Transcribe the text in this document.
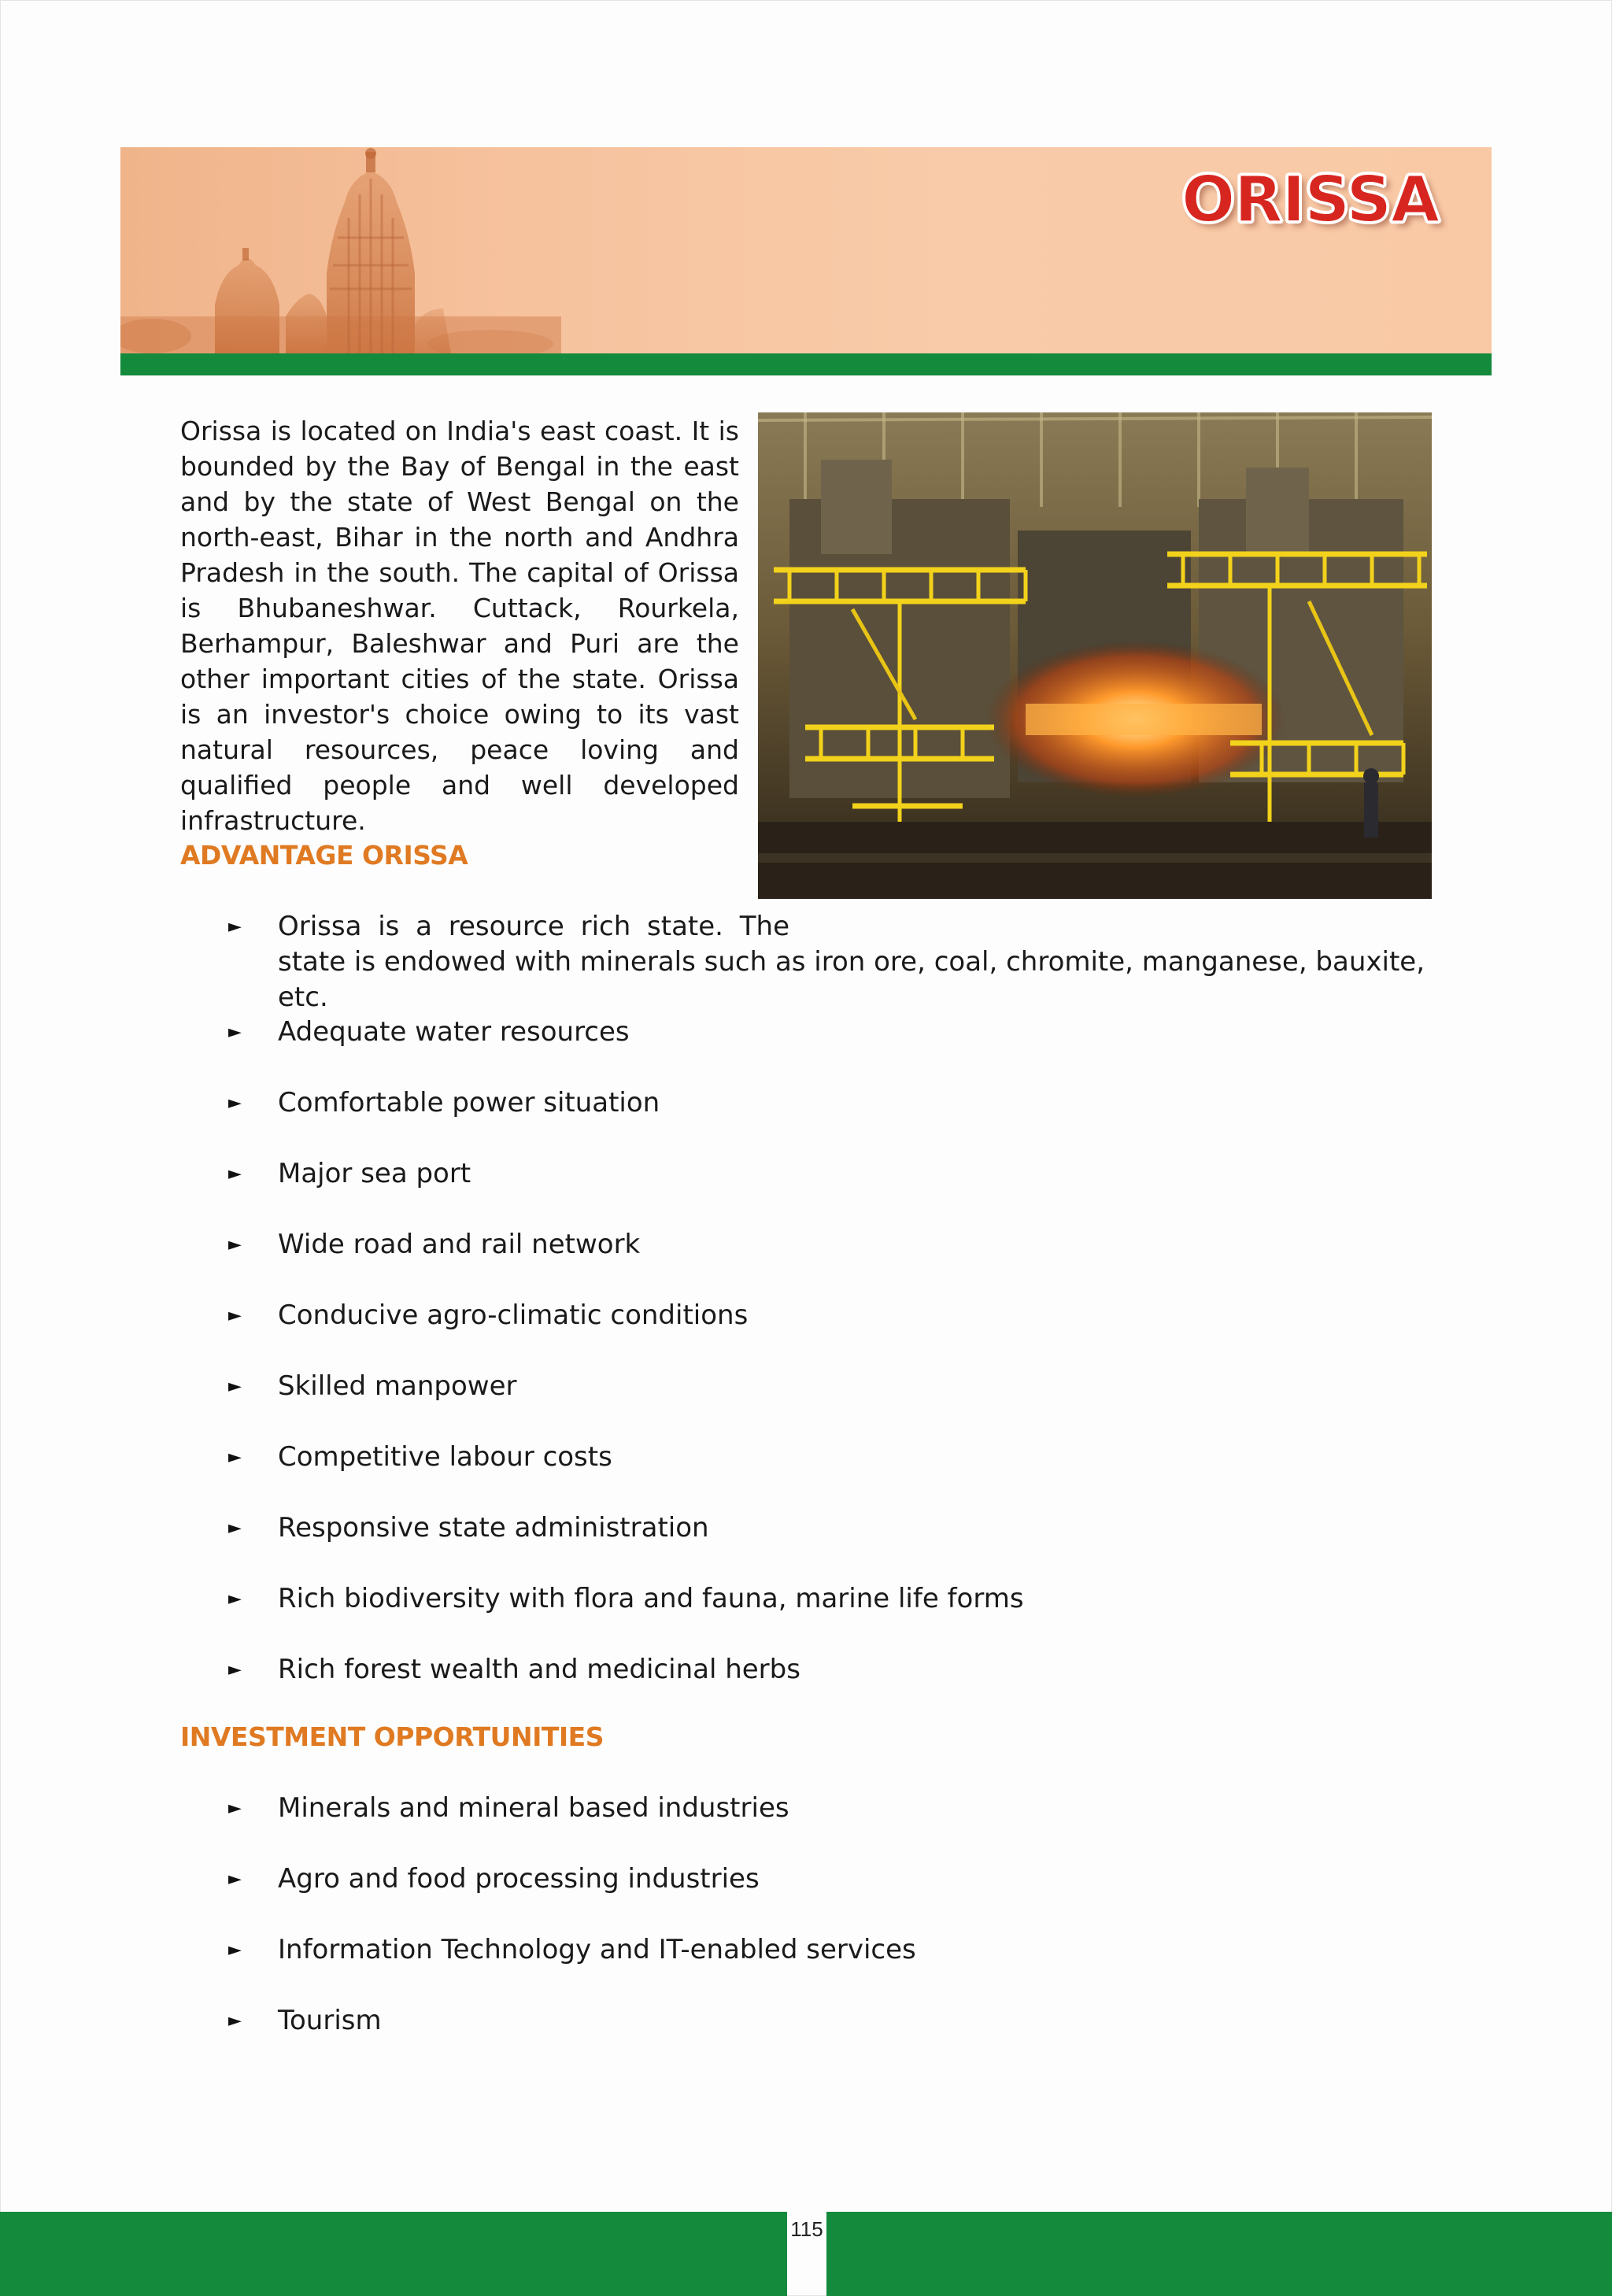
ORISSA

Orissa is located on India's east coast. It is bounded by the Bay of Bengal in the east and by the state of West Bengal on the north-east, Bihar in the north and Andhra Pradesh in the south. The capital of Orissa is Bhubaneshwar. Cuttack, Rourkela, Berhampur, Baleshwar and Puri are the other important cities of the state. Orissa is an investor's choice owing to its vast natural resources, peace loving and qualified people and well developed infrastructure.

ADVANTAGE ORISSA
►	Orissa is a resource rich state. The
state is endowed with minerals such as iron ore, coal, chromite, manganese, bauxite, etc.
►	Adequate water resources
►	Comfortable power situation
►	Major sea port
►	Wide road and rail network
►	Conducive agro-climatic conditions
►	Skilled manpower
►	Competitive labour costs
►	Responsive state administration
►	Rich biodiversity with flora and fauna, marine life forms
►	Rich forest wealth and medicinal herbs
INVESTMENT OPPORTUNITIES
►	Minerals and mineral based industries
►	Agro and food processing industries
►	Information Technology and IT-enabled services
►	Tourism
115
